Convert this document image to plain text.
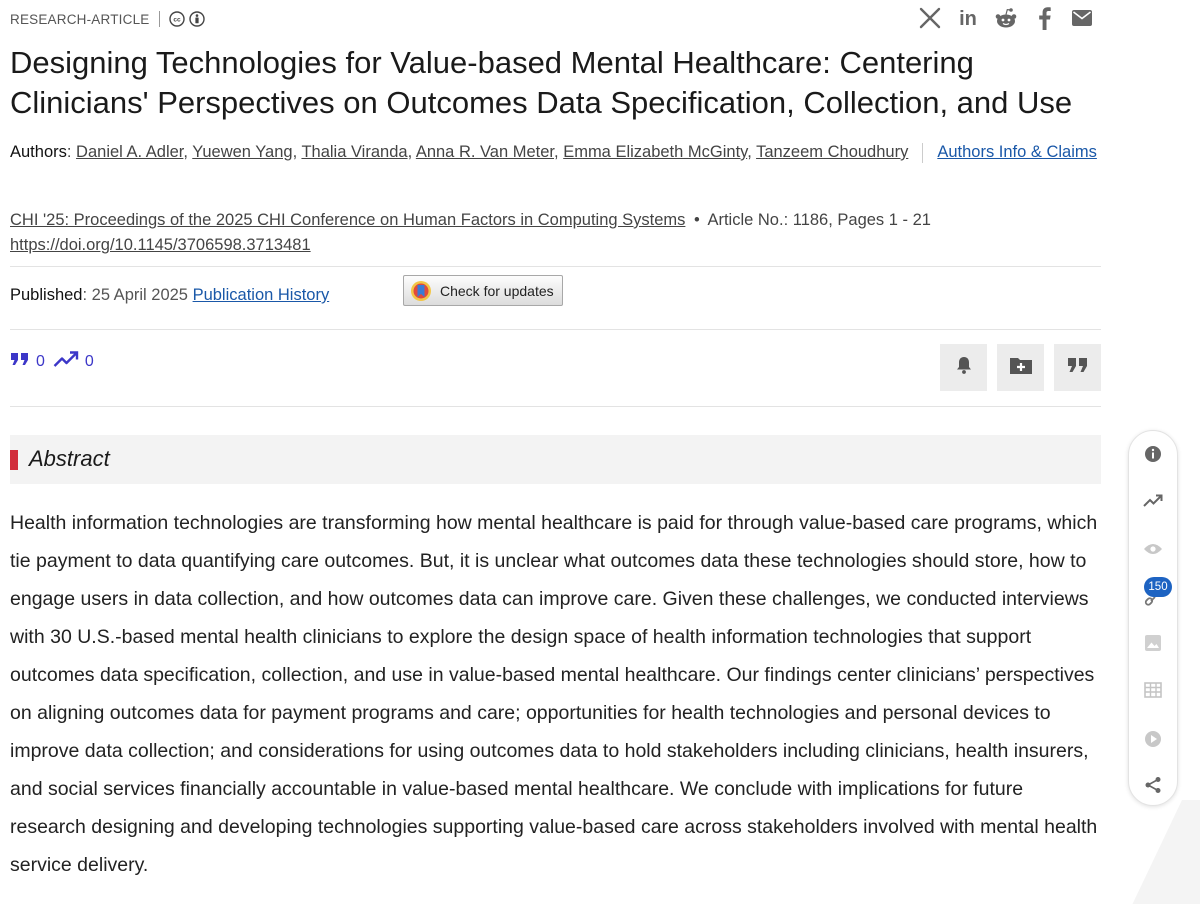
RESEARCH-ARTICLE	cc	in
Designing Technologies for Value-based Mental Healthcare: Centering Clinicians' Perspectives on Outcomes Data Specification, Collection, and Use
Authors: Daniel A. Adler, Yuewen Yang, Thalia Viranda, Anna R. Van Meter, Emma Elizabeth McGinty, Tanzeem Choudhury Authors Info & Claims
CHI '25: Proceedings of the 2025 CHI Conference on Human Factors in Computing Systems • Article No.: 1186, Pages 1 - 21
https://doi.org/10.1145/3706598.3713481
Published: 25 April 2025 Publication History	Check for updates
0	0
Abstract

Health information technologies are transforming how mental healthcare is paid for through value-based care programs, which tie payment to data quantifying care outcomes. But, it is unclear what outcomes data these technologies should store, how to engage users in data collection, and how outcomes data can improve care. Given these challenges, we conducted interviews with 30 U.S.-based mental health clinicians to explore the design space of health information technologies that support outcomes data specification, collection, and use in value-based mental healthcare. Our findings center clinicians’ perspectives on aligning outcomes data for payment programs and care; opportunities for health technologies and personal devices to improve data collection; and considerations for using outcomes data to hold stakeholders including clinicians, health insurers, and social services financially accountable in value-based mental healthcare. We conclude with implications for future research designing and developing technologies supporting value-based care across stakeholders involved with mental health service delivery.

150
